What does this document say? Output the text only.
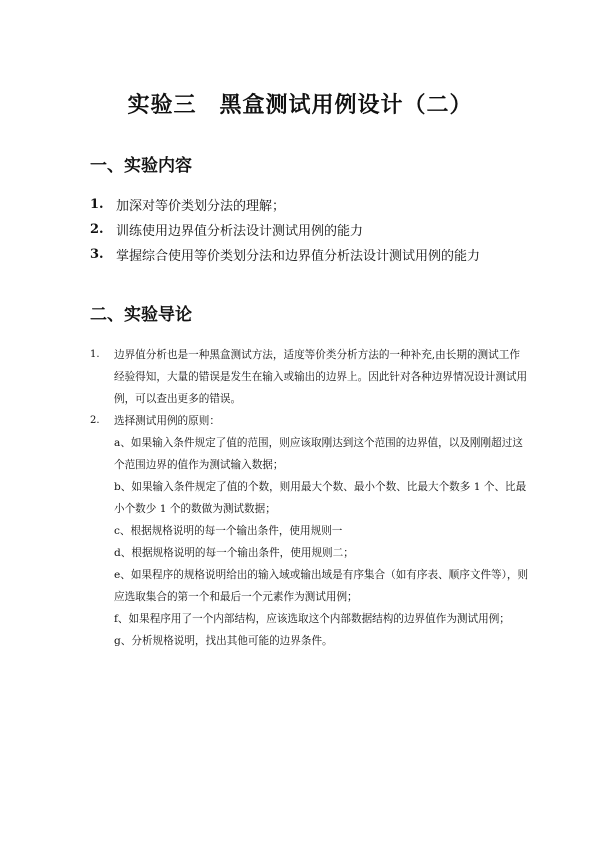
实验三　黑盒测试用例设计（二）
一、实验内容
1. 加深对等价类划分法的理解；
2. 训练使用边界值分析法设计测试用例的能力
3. 掌握综合使用等价类划分法和边界值分析法设计测试用例的能力
二、实验导论
1.	边界值分析也是一种黑盒测试方法，适度等价类分析方法的一种补充,由长期的测试工作经验得知，大量的错误是发生在输入或输出的边界上。因此针对各种边界情况设计测试用例，可以查出更多的错误。
2.	选择测试用例的原则：
a、如果输入条件规定了值的范围，则应该取刚达到这个范围的边界值，以及刚刚超过这个范围边界的值作为测试输入数据；
b、如果输入条件规定了值的个数，则用最大个数、最小个数、比最大个数多 1 个、比最小个数少 1 个的数做为测试数据；
c、根据规格说明的每一个输出条件，使用规则一
d、根据规格说明的每一个输出条件，使用规则二；
e、如果程序的规格说明给出的输入域或输出域是有序集合（如有序表、顺序文件等），则应选取集合的第一个和最后一个元素作为测试用例；
f、如果程序用了一个内部结构，应该选取这个内部数据结构的边界值作为测试用例；
g、分析规格说明，找出其他可能的边界条件。
